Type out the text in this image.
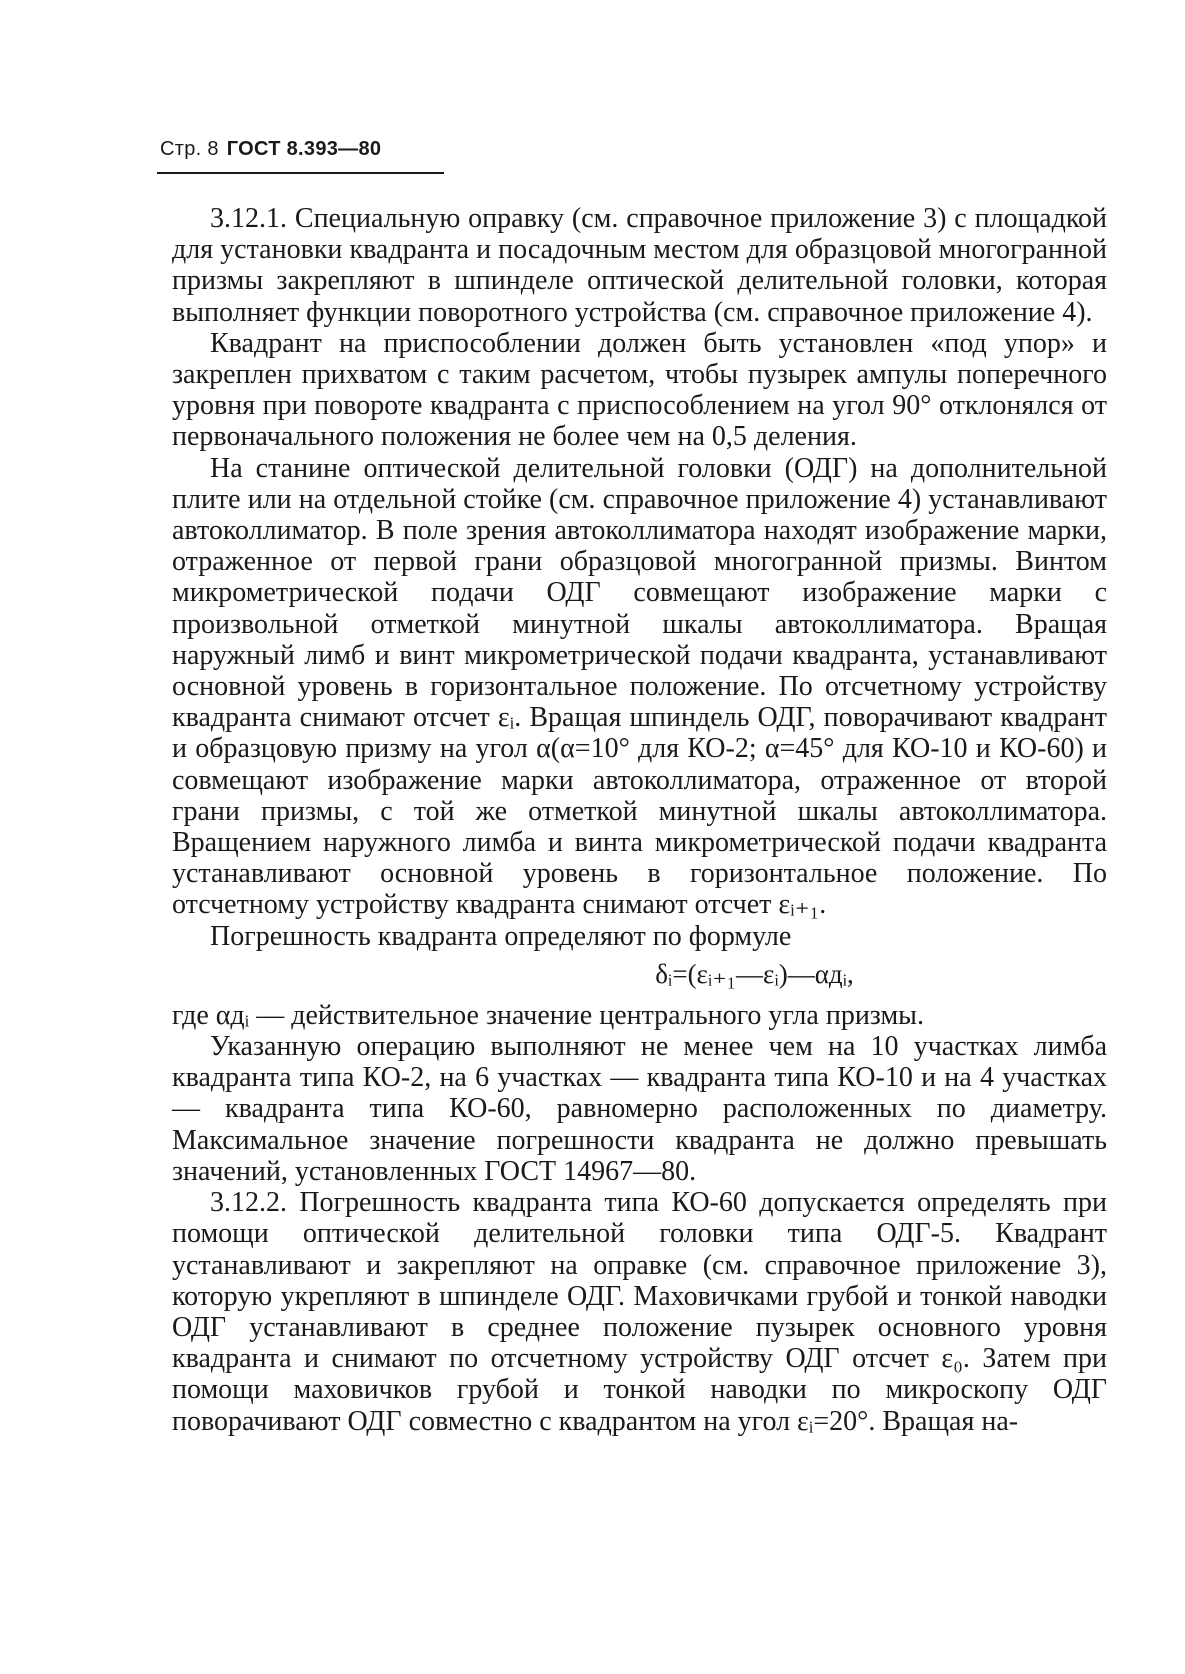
Стр. 8 ГОСТ 8.393—80

3.12.1. Специальную оправку (см. справочное приложение 3) с площадкой для установки квадранта и посадочным местом для образцовой многогранной призмы закрепляют в шпинделе оптической делительной головки, которая выполняет функции поворотного устройства (см. справочное приложение 4).

Квадрант на приспособлении должен быть установлен «под упор» и закреплен прихватом с таким расчетом, чтобы пузырек ампулы поперечного уровня при повороте квадранта с приспособлением на угол 90° отклонялся от первоначального положения не более чем на 0,5 деления.

На станине оптической делительной головки (ОДГ) на дополнительной плите или на отдельной стойке (см. справочное приложение 4) устанавливают автоколлиматор. В поле зрения автоколлиматора находят изображение марки, отраженное от первой грани образцовой многогранной призмы. Винтом микрометрической подачи ОДГ совмещают изображение марки с произвольной отметкой минутной шкалы автоколлиматора. Вращая наружный лимб и винт микрометрической подачи квадранта, устанавливают основной уровень в горизонтальное положение. По отсчетному устройству квадранта снимают отсчет εᵢ. Вращая шпиндель ОДГ, поворачивают квадрант и образцовую призму на угол α(α=10° для КО-2; α=45° для КО-10 и КО-60) и совмещают изображение марки автоколлиматора, отраженное от второй грани призмы, с той же отметкой минутной шкалы автоколлиматора. Вращением наружного лимба и винта микрометрической подачи квадранта устанавливают основной уровень в горизонтальное положение. По отсчетному устройству квадранта снимают отсчет εᵢ₊₁.

Погрешность квадранта определяют по формуле

δᵢ=(εᵢ₊₁—εᵢ)—αдᵢ,

где αдᵢ — действительное значение центрального угла призмы.

Указанную операцию выполняют не менее чем на 10 участках лимба квадранта типа КО-2, на 6 участках — квадранта типа КО-10 и на 4 участках — квадранта типа КО-60, равномерно расположенных по диаметру. Максимальное значение погрешности квадранта не должно превышать значений, установленных ГОСТ 14967—80.

3.12.2. Погрешность квадранта типа КО-60 допускается определять при помощи оптической делительной головки типа ОДГ-5. Квадрант устанавливают и закрепляют на оправке (см. справочное приложение 3), которую укрепляют в шпинделе ОДГ. Маховичками грубой и тонкой наводки ОДГ устанавливают в среднее положение пузырек основного уровня квадранта и снимают по отсчетному устройству ОДГ отсчет ε₀. Затем при помощи маховичков грубой и тонкой наводки по микроскопу ОДГ поворачивают ОДГ совместно с квадрантом на угол εᵢ=20°. Вращая на-
